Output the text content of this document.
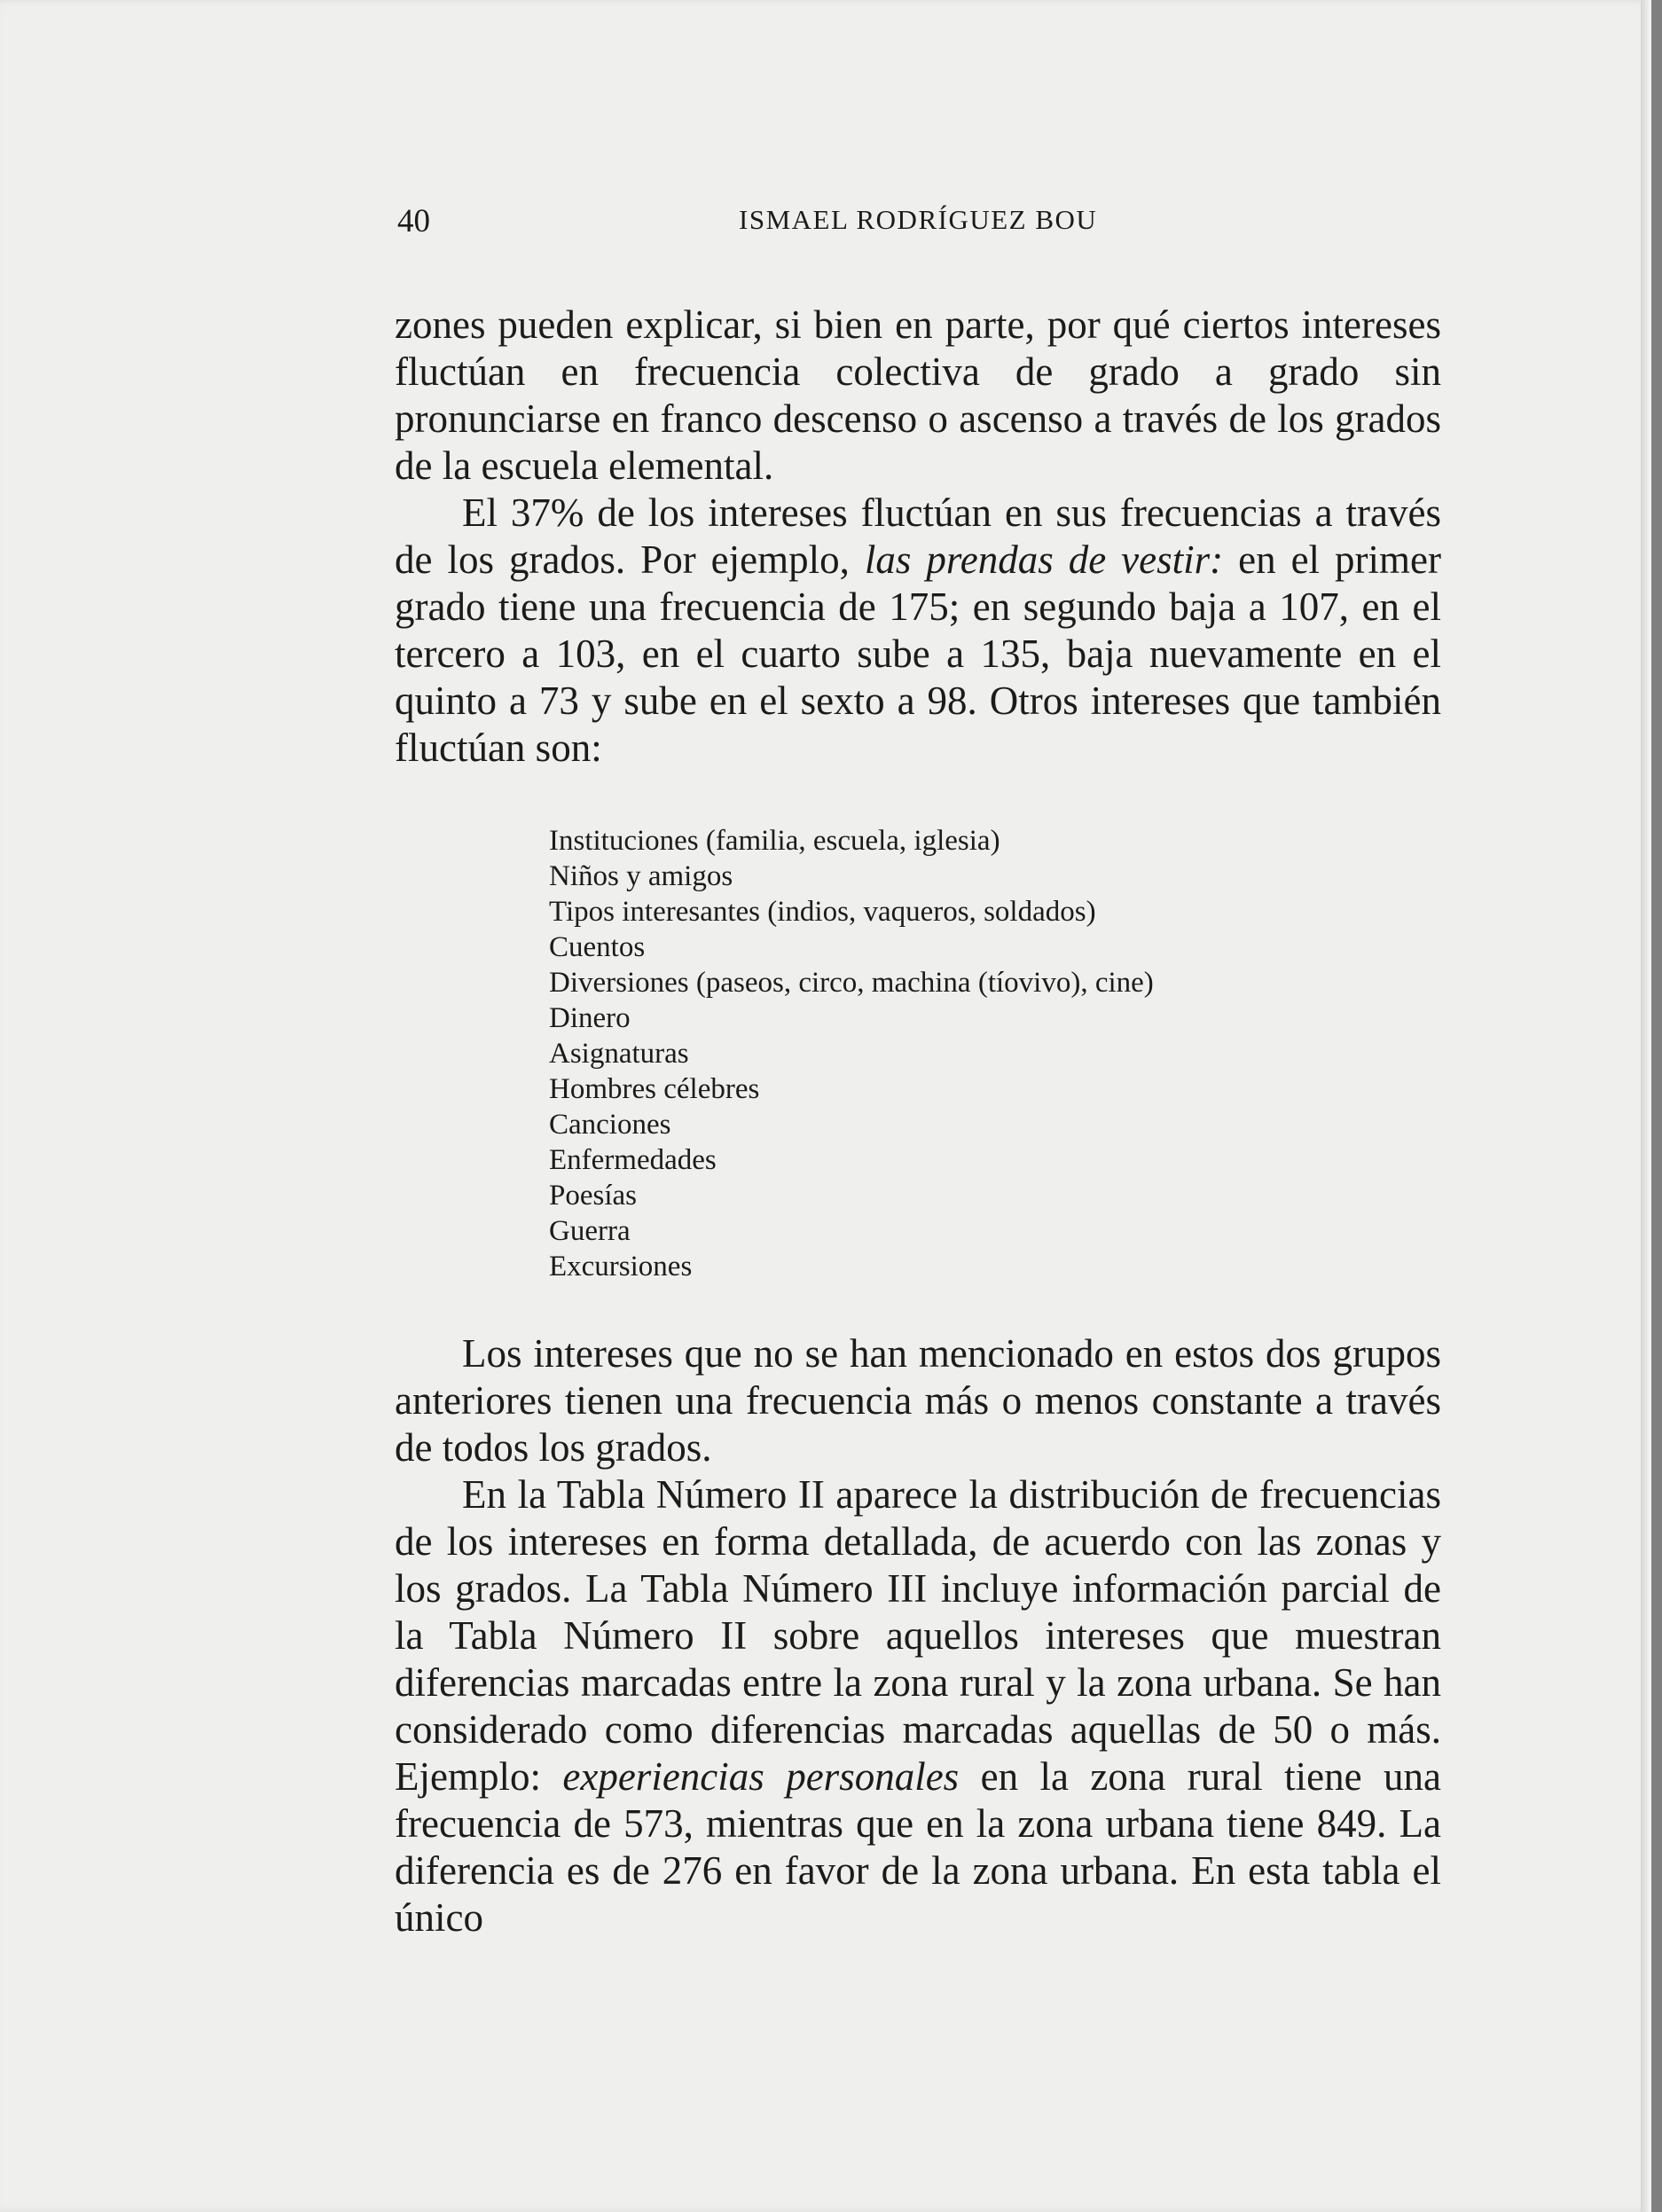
40	ISMAEL RODRÍGUEZ BOU

zones pueden explicar, si bien en parte, por qué ciertos intereses fluctúan en frecuencia colectiva de grado a grado sin pronunciarse en franco descenso o ascenso a través de los grados de la escuela elemental.

El 37% de los intereses fluctúan en sus frecuencias a través de los grados. Por ejemplo, las prendas de vestir: en el primer grado tiene una frecuencia de 175; en segundo baja a 107, en el tercero a 103, en el cuarto sube a 135, baja nuevamente en el quinto a 73 y sube en el sexto a 98. Otros intereses que también fluctúan son:

Instituciones (familia, escuela, iglesia)
Niños y amigos
Tipos interesantes (indios, vaqueros, soldados)
Cuentos
Diversiones (paseos, circo, machina (tíovivo), cine)
Dinero
Asignaturas
Hombres célebres
Canciones
Enfermedades
Poesías
Guerra
Excursiones

Los intereses que no se han mencionado en estos dos grupos anteriores tienen una frecuencia más o menos constante a través de todos los grados.

En la Tabla Número II aparece la distribución de frecuencias de los intereses en forma detallada, de acuerdo con las zonas y los grados. La Tabla Número III incluye información parcial de la Tabla Número II sobre aquellos intereses que muestran diferencias marcadas entre la zona rural y la zona urbana. Se han considerado como diferencias marcadas aquellas de 50 o más. Ejemplo: experiencias personales en la zona rural tiene una frecuencia de 573, mientras que en la zona urbana tiene 849. La diferencia es de 276 en favor de la zona urbana. En esta tabla el único
